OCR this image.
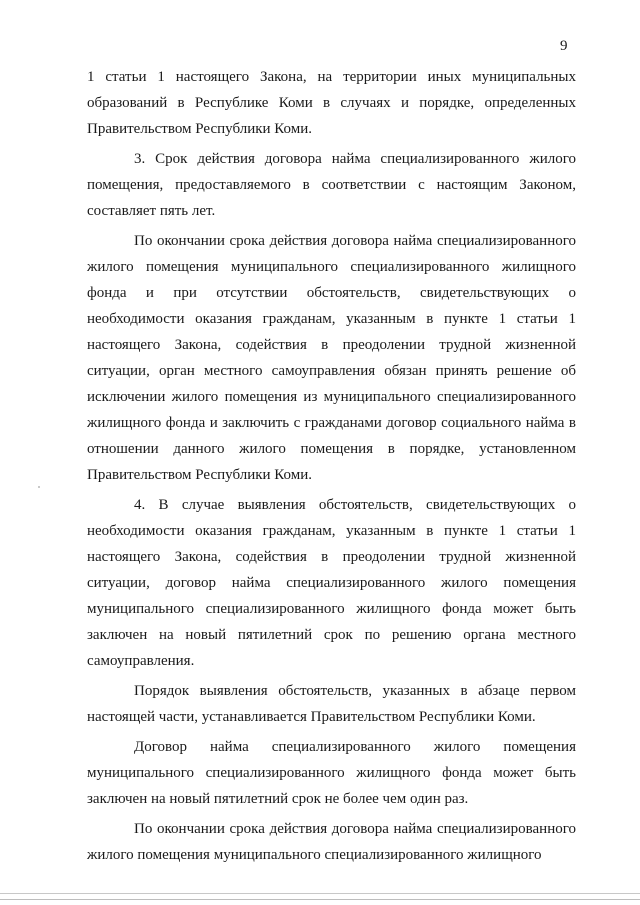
9

1 статьи 1 настоящего Закона, на территории иных муниципальных образований в Республике Коми в случаях и порядке, определенных Правительством Республики Коми.

3. Срок действия договора найма специализированного жилого помещения, предоставляемого в соответствии с настоящим Законом, составляет пять лет.

По окончании срока действия договора найма специализированного жилого помещения муниципального специализированного жилищного фонда и при отсутствии обстоятельств, свидетельствующих о необходимости оказания гражданам, указанным в пункте 1 статьи 1 настоящего Закона, содействия в преодолении трудной жизненной ситуации, орган местного самоуправления обязан принять решение об исключении жилого помещения из муниципального специализированного жилищного фонда и заключить с гражданами договор социального найма в отношении данного жилого помещения в порядке, установленном Правительством Республики Коми.

4. В случае выявления обстоятельств, свидетельствующих о необходимости оказания гражданам, указанным в пункте 1 статьи 1 настоящего Закона, содействия в преодолении трудной жизненной ситуации, договор найма специализированного жилого помещения муниципального специализированного жилищного фонда может быть заключен на новый пятилетний срок по решению органа местного самоуправления.

Порядок выявления обстоятельств, указанных в абзаце первом настоящей части, устанавливается Правительством Республики Коми.

Договор найма специализированного жилого помещения муниципального специализированного жилищного фонда может быть заключен на новый пятилетний срок не более чем один раз.

По окончании срока действия договора найма специализированного жилого помещения муниципального специализированного жилищного
